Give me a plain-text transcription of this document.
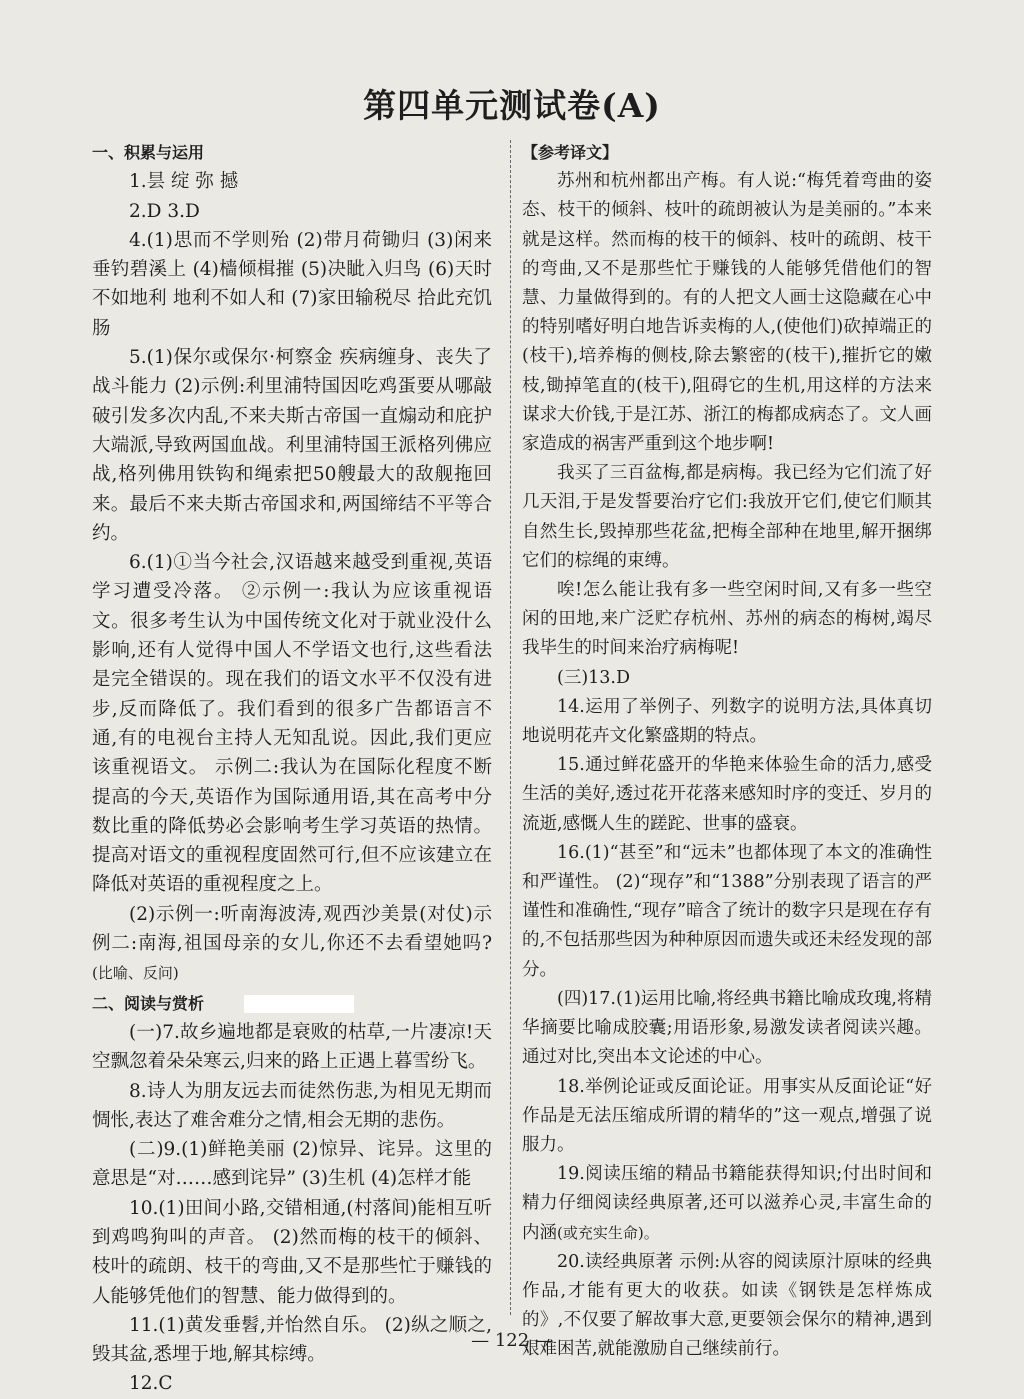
第四单元测试卷(A)

一、积累与运用

1.昙 绽 弥 撼

2.D 3.D

4.(1)思而不学则殆 (2)带月荷锄归 (3)闲来垂钓碧溪上 (4)樯倾楫摧 (5)决眦入归鸟 (6)天时不如地利 地利不如人和 (7)家田输税尽 拾此充饥肠

5.(1)保尔或保尔·柯察金 疾病缠身、丧失了战斗能力 (2)示例:利里浦特国因吃鸡蛋要从哪敲破引发多次内乱,不来夫斯古帝国一直煽动和庇护大端派,导致两国血战。利里浦特国王派格列佛应战,格列佛用铁钩和绳索把50艘最大的敌舰拖回来。最后不来夫斯古帝国求和,两国缔结不平等合约。

6.(1)①当今社会,汉语越来越受到重视,英语学习遭受冷落。 ②示例一:我认为应该重视语文。很多考生认为中国传统文化对于就业没什么影响,还有人觉得中国人不学语文也行,这些看法是完全错误的。现在我们的语文水平不仅没有进步,反而降低了。我们看到的很多广告都语言不通,有的电视台主持人无知乱说。因此,我们更应该重视语文。 示例二:我认为在国际化程度不断提高的今天,英语作为国际通用语,其在高考中分数比重的降低势必会影响考生学习英语的热情。提高对语文的重视程度固然可行,但不应该建立在降低对英语的重视程度之上。

(2)示例一:听南海波涛,观西沙美景(对仗)示例二:南海,祖国母亲的女儿,你还不去看望她吗?(比喻、反问)

二、阅读与赏析

(一)7.故乡遍地都是衰败的枯草,一片凄凉!天空飘忽着朵朵寒云,归来的路上正遇上暮雪纷飞。

8.诗人为朋友远去而徒然伤悲,为相见无期而惆怅,表达了难舍难分之情,相会无期的悲伤。

(二)9.(1)鲜艳美丽 (2)惊异、诧异。这里的意思是“对……感到诧异” (3)生机 (4)怎样才能

10.(1)田间小路,交错相通,(村落间)能相互听到鸡鸣狗叫的声音。 (2)然而梅的枝干的倾斜、枝叶的疏朗、枝干的弯曲,又不是那些忙于赚钱的人能够凭他们的智慧、能力做得到的。

11.(1)黄发垂髫,并怡然自乐。 (2)纵之顺之,毁其盆,悉埋于地,解其棕缚。

12.C

【参考译文】

苏州和杭州都出产梅。有人说:“梅凭着弯曲的姿态、枝干的倾斜、枝叶的疏朗被认为是美丽的。”本来就是这样。然而梅的枝干的倾斜、枝叶的疏朗、枝干的弯曲,又不是那些忙于赚钱的人能够凭借他们的智慧、力量做得到的。有的人把文人画士这隐藏在心中的特别嗜好明白地告诉卖梅的人,(使他们)砍掉端正的(枝干),培养梅的侧枝,除去繁密的(枝干),摧折它的嫩枝,锄掉笔直的(枝干),阻碍它的生机,用这样的方法来谋求大价钱,于是江苏、浙江的梅都成病态了。文人画家造成的祸害严重到这个地步啊!

我买了三百盆梅,都是病梅。我已经为它们流了好几天泪,于是发誓要治疗它们:我放开它们,使它们顺其自然生长,毁掉那些花盆,把梅全部种在地里,解开捆绑它们的棕绳的束缚。

唉!怎么能让我有多一些空闲时间,又有多一些空闲的田地,来广泛贮存杭州、苏州的病态的梅树,竭尽我毕生的时间来治疗病梅呢!

(三)13.D

14.运用了举例子、列数字的说明方法,具体真切地说明花卉文化繁盛期的特点。

15.通过鲜花盛开的华艳来体验生命的活力,感受生活的美好,透过花开花落来感知时序的变迁、岁月的流逝,感慨人生的蹉跎、世事的盛衰。

16.(1)“甚至”和“远未”也都体现了本文的准确性和严谨性。 (2)“现存”和“1388”分别表现了语言的严谨性和准确性,“现存”暗含了统计的数字只是现在存有的,不包括那些因为种种原因而遗失或还未经发现的部分。

(四)17.(1)运用比喻,将经典书籍比喻成玫瑰,将精华摘要比喻成胶囊;用语形象,易激发读者阅读兴趣。通过对比,突出本文论述的中心。

18.举例论证或反面论证。用事实从反面论证“好作品是无法压缩成所谓的精华的”这一观点,增强了说服力。

19.阅读压缩的精品书籍能获得知识;付出时间和精力仔细阅读经典原著,还可以滋养心灵,丰富生命的内涵(或充实生命)。

20.读经典原著 示例:从容的阅读原汁原味的经典作品,才能有更大的收获。如读《钢铁是怎样炼成的》,不仅要了解故事大意,更要领会保尔的精神,遇到艰难困苦,就能激励自己继续前行。

— 122 —
